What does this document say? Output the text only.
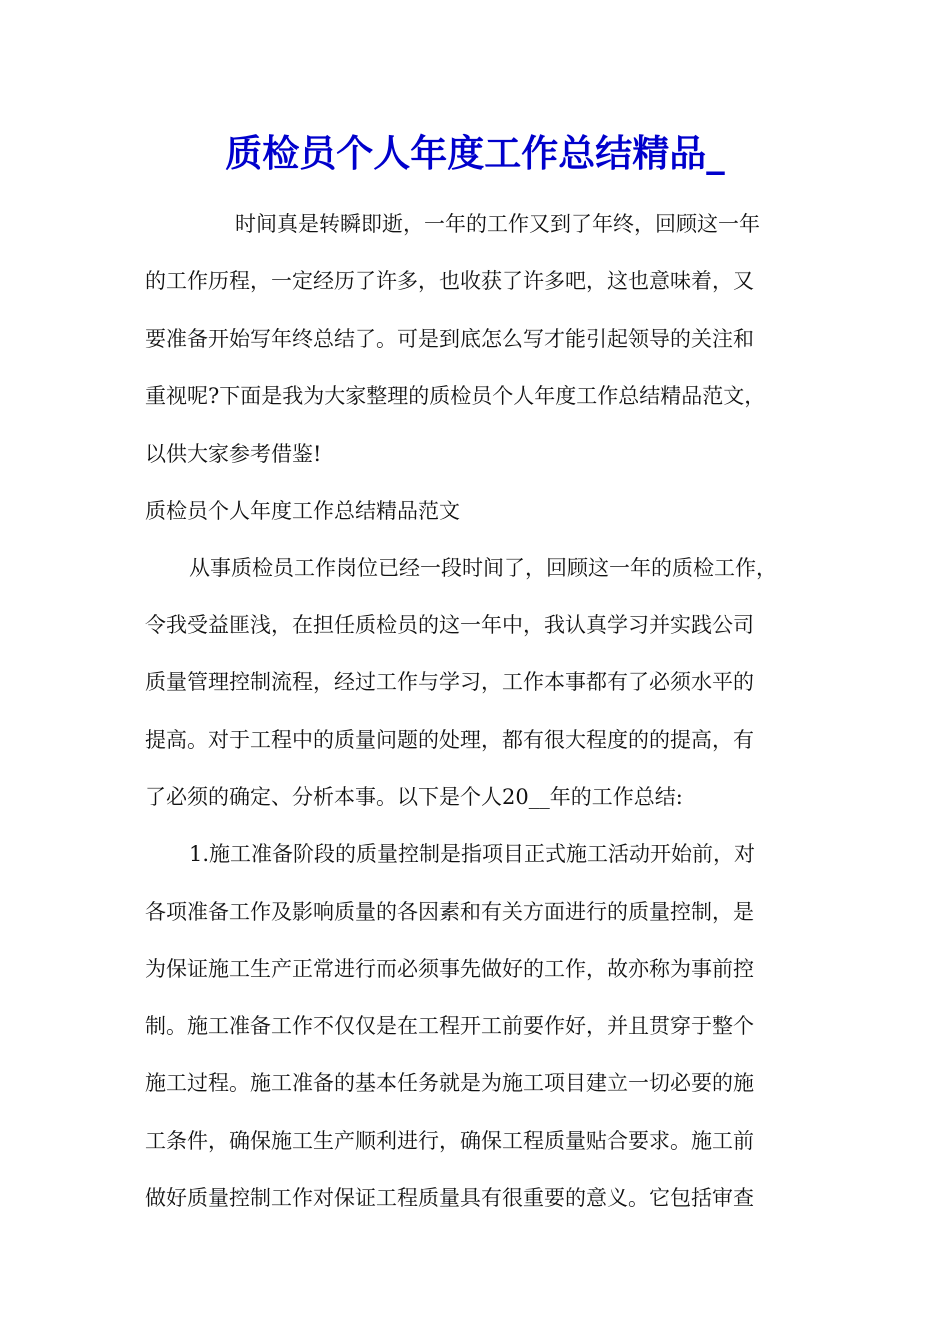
质检员个人年度工作总结精品_

时间真是转瞬即逝，一年的工作又到了年终，回顾这一年

的工作历程，一定经历了许多，也收获了许多吧，这也意味着，又

要准备开始写年终总结了。可是到底怎么写才能引起领导的关注和

重视呢?下面是我为大家整理的质检员个人年度工作总结精品范文，

以供大家参考借鉴!

质检员个人年度工作总结精品范文

从事质检员工作岗位已经一段时间了，回顾这一年的质检工作，

令我受益匪浅，在担任质检员的这一年中，我认真学习并实践公司

质量管理控制流程，经过工作与学习，工作本事都有了必须水平的

提高。对于工程中的质量问题的处理，都有很大程度的的提高，有

了必须的确定、分析本事。以下是个人20__年的工作总结:

1.施工准备阶段的质量控制是指项目正式施工活动开始前，对

各项准备工作及影响质量的各因素和有关方面进行的质量控制，是

为保证施工生产正常进行而必须事先做好的工作，故亦称为事前控

制。施工准备工作不仅仅是在工程开工前要作好，并且贯穿于整个

施工过程。施工准备的基本任务就是为施工项目建立一切必要的施

工条件，确保施工生产顺利进行，确保工程质量贴合要求。施工前

做好质量控制工作对保证工程质量具有很重要的意义。它包括审查
